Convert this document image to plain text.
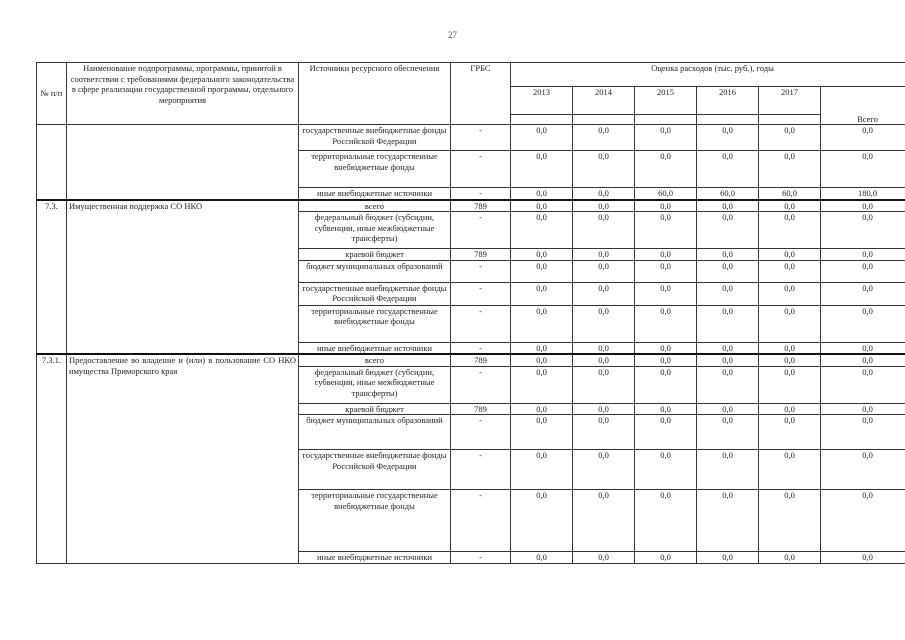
27
№ п/п	Наименование подпрограммы, программы, принятой в соответствии с требованиями федерального законодательства в сфере реализации государственной программы, отдельного мероприятия	Источники ресурсного обеспечения	ГРБС	Оценка расходов (тыс. руб.), годы					
				2013	2014	2015	2016	2017	Всего

		государственные внебюджетные фонды Российской Федерации	-	0,0	0,0	0,0	0,0	0,0	0,0
		территориальные государственные внебюджетные фонды	-	0,0	0,0	0,0	0,0	0,0	0,0
		иные внебюджетные источники	-	0,0	0,0	60,0	60,0	60,0	180,0
7.3.	Имущественная поддержка СО НКО	всего	789	0,0	0,0	0,0	0,0	0,0	0,0
		федеральный бюджет (субсидии, субвенции, иные межбюджетные трансферты)	-	0,0	0,0	0,0	0,0	0,0	0,0
		краевой бюджет	789	0,0	0,0	0,0	0,0	0,0	0,0
		бюджет муниципальных образований	-	0,0	0,0	0,0	0,0	0,0	0,0
		государственные внебюджетные фонды Российской Федерации	-	0,0	0,0	0,0	0,0	0,0	0,0
		территориальные государственные внебюджетные фонды	-	0,0	0,0	0,0	0,0	0,0	0,0
		иные внебюджетные источники	-	0,0	0,0	0,0	0,0	0,0	0,0
7.3.1.	Предоставление во владение и (или) в пользование СО НКО имущества Приморского края	всего	789	0,0	0,0	0,0	0,0	0,0	0,0
		федеральный бюджет (субсидии, субвенции, иные межбюджетные трансферты)	-	0,0	0,0	0,0	0,0	0,0	0,0
		краевой бюджет	789	0,0	0,0	0,0	0,0	0,0	0,0
		бюджет муниципальных образований	-	0,0	0,0	0,0	0,0	0,0	0,0
		государственные внебюджетные фонды Российской Федерации	-	0,0	0,0	0,0	0,0	0,0	0,0
		территориальные государственные внебюджетные фонды	-	0,0	0,0	0,0	0,0	0,0	0,0
		иные внебюджетные источники	-	0,0	0,0	0,0	0,0	0,0	0,0
